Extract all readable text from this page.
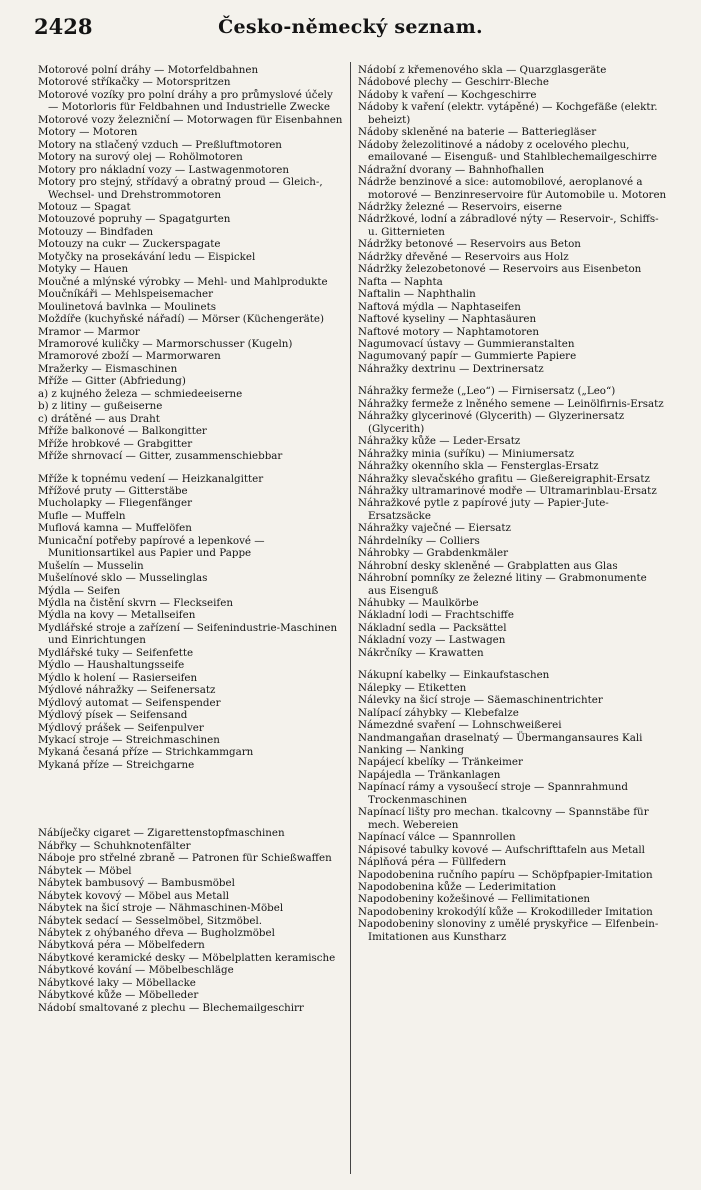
2428	Česko-německý seznam.

Motorové polní dráhy — Motorfeldbahnen

Motorové stříkačky — Motorspritzen

Motorové vozíky pro polní dráhy a pro průmyslové účely — Motorloris für Feldbahnen und Industrielle Zwecke

Motorové vozy železniční — Motorwagen für Eisenbahnen

Motory — Motoren

Motory na stlačený vzduch — Preßluftmotoren

Motory na surový olej — Rohölmotoren

Motory pro nákladní vozy — Lastwagenmotoren

Motory pro stejný, střídavý a obratný proud — Gleich-, Wechsel- und Drehstrommotoren

Motouz — Spagat

Motouzové popruhy — Spagatgurten

Motouzy — Bindfaden

Motouzy na cukr — Zuckerspagate

Motyčky na prosekávání ledu — Eispickel

Motyky — Hauen

Moučné a mlýnské výrobky — Mehl- und Mahlprodukte

Moučníkáři — Mehlspeisemacher

Moulinetová bavlnka — Moulinets

Moždíře (kuchyňské nářadí) — Mörser (Küchengeräte)

Mramor — Marmor

Mramorové kuličky — Marmorschusser (Kugeln)

Mramorové zboží — Marmorwaren

Mražerky — Eismaschinen

Mříže — Gitter (Abfriedung)

a) z kujného železa — schmiedeeiserne

b) z litiny — gußeiserne

c) drátěné — aus Draht

Mříže balkonové — Balkongitter

Mříže hrobkové — Grabgitter

Mříže shrnovací — Gitter, zusammenschiebbar

Mříže k topnému vedení — Heizkanalgitter

Mřížové pruty — Gitterstäbe

Mucholapky — Fliegenfänger

Mufle — Muffeln

Muflová kamna — Muffelöfen

Municační potřeby papírové a lepenkové — Munitionsartikel aus Papier und Pappe

Mušelín — Musselin

Mušelínové sklo — Musselinglas

Mýdla — Seifen

Mýdla na čistění skvrn — Fleckseifen

Mýdla na kovy — Metallseifen

Mydlářské stroje a zařízení — Seifenindustrie-Maschinen und Einrichtungen

Mydlářské tuky — Seifenfette

Mýdlo — Haushaltungsseife

Mýdlo k holení — Rasierseifen

Mýdlové náhražky — Seifenersatz

Mýdlový automat — Seifenspender

Mýdlový písek — Seifensand

Mýdlový prášek — Seifenpulver

Mykací stroje — Streichmaschinen

Mykaná česaná příze — Strichkammgarn

Mykaná příze — Streichgarne

Nábíječky cigaret — Zigarettenstopfmaschinen

Nábřky — Schuhknotenfälter

Náboje pro střelné zbraně — Patronen für Schießwaffen

Nábytek — Möbel

Nábytek bambusový — Bambusmöbel

Nábytek kovový — Möbel aus Metall

Nábytek na šicí stroje — Nähmaschinen-Möbel

Nábytek sedací — Sesselmöbel, Sitzmöbel.

Nábytek z ohýbaného dřeva — Bugholzmöbel

Nábytková péra — Möbelfedern

Nábytkové keramické desky — Möbelplatten keramische

Nábytkové kování — Möbelbeschläge

Nábytkové laky — Möbellacke

Nábytkové kůže — Möbelleder

Nádobí smaltované z plechu — Blechemailgeschirr

Nádobí z křemenového skla — Quarzglasgeräte

Nádobové plechy — Geschirr-Bleche

Nádoby k vaření — Kochgeschirre

Nádoby k vaření (elektr. vytápěné) — Kochgefäße (elektr. beheizt)

Nádoby skleněné na baterie — Batteriegläser

Nádoby železolitinové a nádoby z ocelového plechu, emailované — Eisenguß- und Stahlblechemailgeschirre

Nádražní dvorany — Bahnhofhallen

Nádrže benzinové a sice: automobilové, aeroplanové a motorové — Benzinreservoire für Automobile u. Motoren

Nádržky železné — Reservoirs, eiserne

Nádržkové, lodní a zábradlové nýty — Reservoir-, Schiffs- u. Gitternieten

Nádržky betonové — Reservoirs aus Beton

Nádržky dřevěné — Reservoirs aus Holz

Nádržky železobetonové — Reservoirs aus Eisenbeton

Nafta — Naphta

Naftalin — Naphthalin

Naftová mýdla — Naphtaseifen

Naftové kyseliny — Naphtasäuren

Naftové motory — Naphtamotoren

Nagumovací ústavy — Gummieranstalten

Nagumovaný papír — Gummierte Papiere

Náhražky dextrinu — Dextrinersatz

Náhražky fermeže („Leo“) — Firnisersatz („Leo“)

Náhražky fermeže z lněného semene — Leinölfirnis-Ersatz

Náhražky glycerinové (Glycerith) — Glyzerinersatz (Glycerith)

Náhražky kůže — Leder-Ersatz

Náhražky minia (suříku) — Miniumersatz

Náhražky okenního skla — Fensterglas-Ersatz

Náhražky slevačského grafitu — Gießereigraphit-Ersatz

Náhražky ultramarinové modře — Ultramarinblau-Ersatz

Náhražkové pytle z papírové juty — Papier-Jute-Ersatzsäcke

Náhražky vaječné — Eiersatz

Náhrdelníky — Colliers

Náhrobky — Grabdenkmäler

Náhrobní desky skleněné — Grabplatten aus Glas

Náhrobní pomníky ze železné litiny — Grabmonumente aus Eisenguß

Náhubky — Maulkörbe

Nákladní lodi — Frachtschiffe

Nákladní sedla — Packsättel

Nákladní vozy — Lastwagen

Nákrčníky — Krawatten

Nákupní kabelky — Einkaufstaschen

Nálepky — Etiketten

Nálevky na šicí stroje — Säemaschinentrichter

Nalípací záhybky — Klebefalze

Námezdné svaření — Lohnschweißerei

Nandmangaňan draselnatý — Übermangansaures Kali

Nanking — Nanking

Napájecí kbelíky — Tränkeimer

Napájedla — Tränkanlagen

Napínací rámy a vysoušecí stroje — Spannrahmund Trockenmaschinen

Napínací lišty pro mechan. tkalcovny — Spannstäbe für mech. Webereien

Napínací válce — Spannrollen

Nápisové tabulky kovové — Aufschrifttafeln aus Metall

Náplňová péra — Füllfedern

Napodobenina ručního papíru — Schöpfpapier-Imitation

Napodobenina kůže — Lederimitation

Napodobeniny kožešinové — Fellimitationen

Napodobeniny krokodýlí kůže — Krokodilleder Imitation

Napodobeniny slonoviny z umělé pryskyřice — Elfenbein-Imitationen aus Kunstharz
